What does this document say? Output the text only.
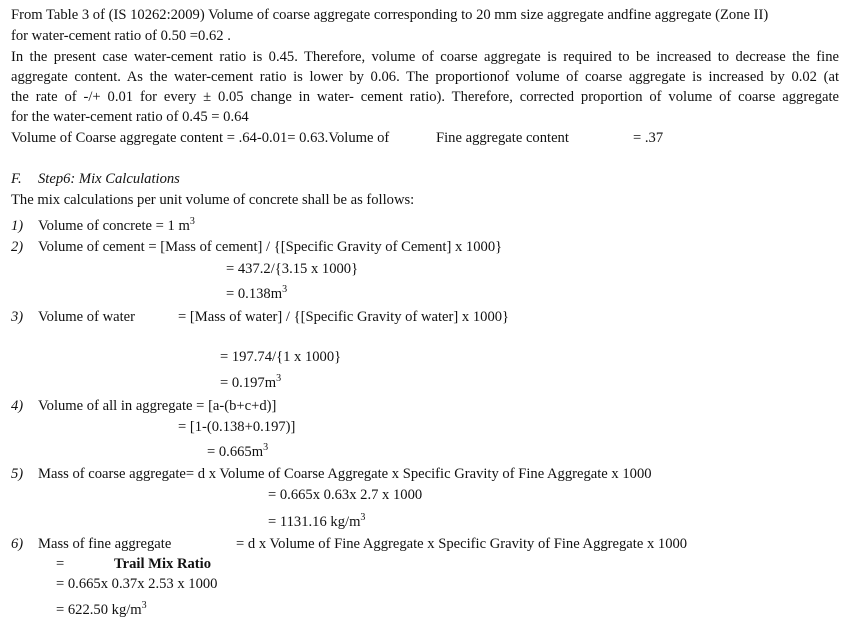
From Table 3 of (IS 10262:2009) Volume of coarse aggregate corresponding to 20 mm size aggregate andfine aggregate (Zone II)
for water-cement ratio of 0.50 =0.62 .
In the present case water-cement ratio is 0.45. Therefore, volume of coarse aggregate is required to be increased to decrease the fine
aggregate content. As the water-cement ratio is lower by 0.06. The proportionof volume of coarse aggregate is increased by 0.02 (at
the rate of -/+ 0.01 for every ± 0.05 change in water- cement ratio). Therefore, corrected proportion of volume of coarse aggregate
for the water-cement ratio of 0.45 = 0.64
Volume of Coarse aggregate content = .64-0.01= 0.63.Volume of	Fine aggregate content	= .37
F. Step6: Mix Calculations
The mix calculations per unit volume of concrete shall be as follows:
1) Volume of concrete = 1 $m^3$
2) Volume of cement = [Mass of cement] / {[Specific Gravity of Cement] x 1000}
= 437.2/{3.15 x 1000}
= $0.138m^3$
3) Volume of water	= [Mass of water] / {[Specific Gravity of water] x 1000}
= 197.74/{1 x 1000}
= $0.197m^3$
4) Volume of all in aggregate = [a-(b+c+d)]
= [1-(0.138+0.197)]
= $0.665m^3$
5) Mass of coarse aggregate= d x Volume of Coarse Aggregate x Specific Gravity of Fine Aggregate x 1000
= 0.665x 0.63x 2.7 x 1000
= 1131.16 $kg/m^3$
6) Mass of fine aggregate	= d x Volume of Fine Aggregate x Specific Gravity of Fine Aggregate x 1000
=	Trail Mix Ratio
= 0.665x 0.37x 2.53 x 1000
= 622.50 $kg/m^3$
